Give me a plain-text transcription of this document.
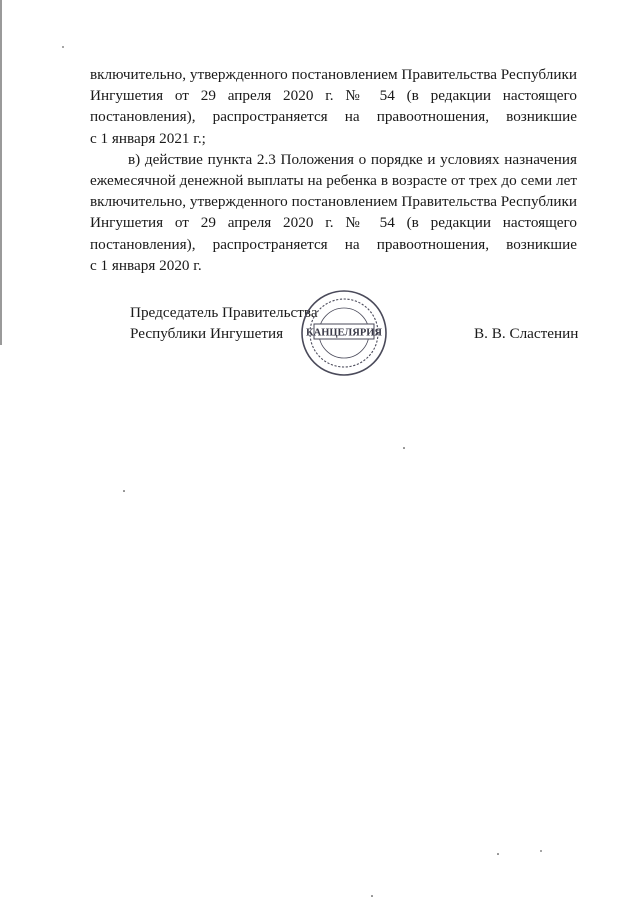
включительно, утвержденного постановлением Правительства Республики
Ингушетия от 29 апреля 2020 г. № 54 (в редакции настоящего
постановления), распространяется на правоотношения, возникшие
с 1 января 2021 г.;
в) действие пункта 2.3 Положения о порядке и условиях назначения
ежемесячной денежной выплаты на ребенка в возрасте от трех до семи лет
включительно, утвержденного постановлением Правительства Республики
Ингушетия от 29 апреля 2020 г. № 54 (в редакции настоящего
постановления), распространяется на правоотношения, возникшие
с 1 января 2020 г.
Председатель Правительства
Республики Ингушетия	КАНЦЕЛЯРИЯ	В. В. Сластенин
